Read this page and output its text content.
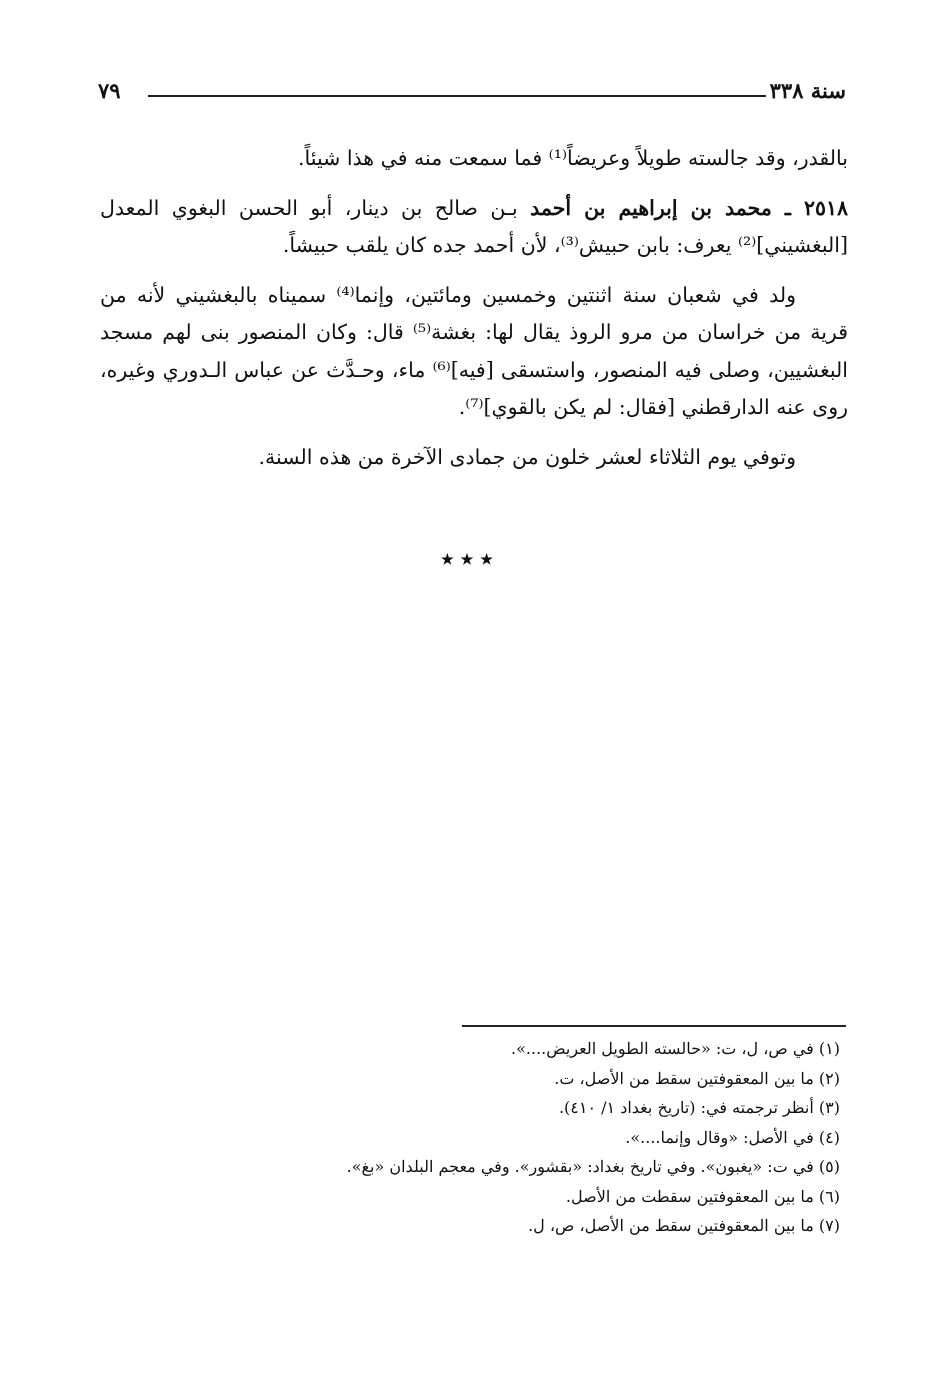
سنة ٣٣٨
٧٩

بالقدر، وقد جالسته طويلاً وعريضاً⁽¹⁾ فما سمعت منه في هذا شيئاً.

٢٥١٨ ـ محمد بن إبراهيم بن أحمد بـن صالح بن دينار، أبو الحسن البغوي المعدل [البغشيني]⁽²⁾ يعرف: بابن حبيش⁽³⁾، لأن أحمد جده كان يلقب حبيشاً.

ولد في شعبان سنة اثنتين وخمسين ومائتين، وإنما⁽⁴⁾ سميناه بالبغشيني لأنه من قرية من خراسان من مرو الروذ يقال لها: بغشة⁽⁵⁾ قال: وكان المنصور بنى لهم مسجد البغشيين، وصلى فيه المنصور، واستسقى [فيه]⁽⁶⁾ ماء، وحـدَّث عن عباس الـدوري وغيره، روى عنه الدارقطني [فقال: لم يكن بالقوي]⁽⁷⁾.

وتوفي يوم الثلاثاء لعشر خلون من جمادى الآخرة من هذه السنة.

٭ ٭ ٭
(١) في ص، ل، ت: «حالسته الطويل العريض....».
(٢) ما بين المعقوفتين سقط من الأصل، ت.
(٣) أنظر ترجمته في: (تاريخ بغداد ١/ ٤١٠).
(٤) في الأصل: «وقال وإنما....».
(٥) في ت: «يغبون». وفي تاريخ بغداد: «بقشور». وفي معجم البلدان «بغ».
(٦) ما بين المعقوفتين سقطت من الأصل.
(٧) ما بين المعقوفتين سقط من الأصل، ص، ل.
